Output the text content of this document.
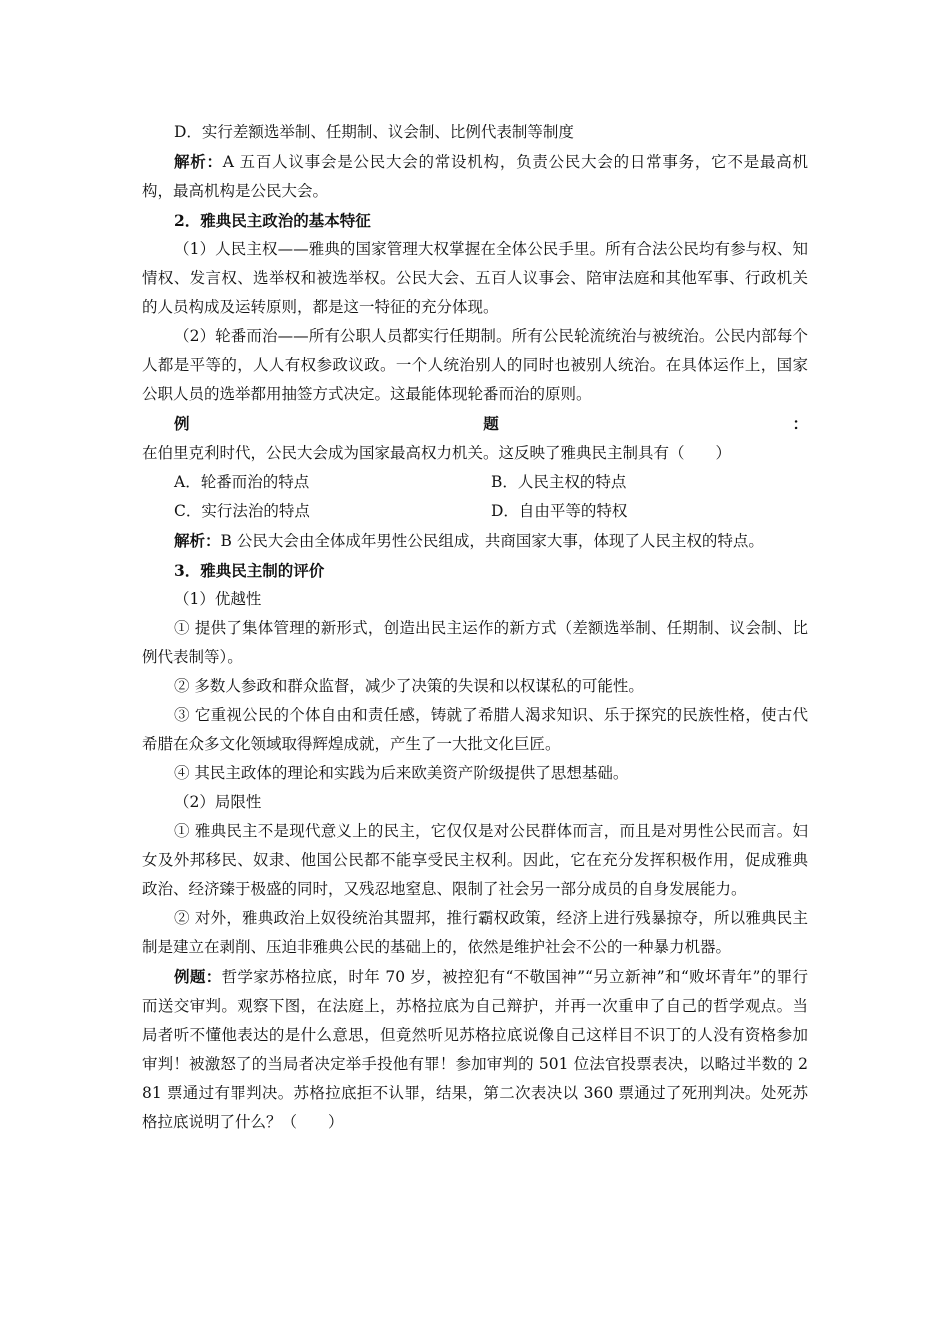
D．实行差额选举制、任期制、议会制、比例代表制等制度

解析：A 五百人议事会是公民大会的常设机构，负责公民大会的日常事务，它不是最高机构，最高机构是公民大会。

2．雅典民主政治的基本特征

（1）人民主权——雅典的国家管理大权掌握在全体公民手里。所有合法公民均有参与权、知情权、发言权、选举权和被选举权。公民大会、五百人议事会、陪审法庭和其他军事、行政机关的人员构成及运转原则，都是这一特征的充分体现。

（2）轮番而治——所有公职人员都实行任期制。所有公民轮流统治与被统治。公民内部每个人都是平等的，人人有权参政议政。一个人统治别人的同时也被别人统治。在具体运作上，国家公职人员的选举都用抽签方式决定。这最能体现轮番而治的原则。

例题：在伯里克利时代，公民大会成为国家最高权力机关。这反映了雅典民主制具有（　　）

A．轮番而治的特点	B．人民主权的特点
C．实行法治的特点	D．自由平等的特权

解析：B 公民大会由全体成年男性公民组成，共商国家大事，体现了人民主权的特点。

3．雅典民主制的评价

（1）优越性

① 提供了集体管理的新形式，创造出民主运作的新方式（差额选举制、任期制、议会制、比例代表制等）。

② 多数人参政和群众监督，减少了决策的失误和以权谋私的可能性。

③ 它重视公民的个体自由和责任感，铸就了希腊人渴求知识、乐于探究的民族性格，使古代希腊在众多文化领域取得辉煌成就，产生了一大批文化巨匠。

④ 其民主政体的理论和实践为后来欧美资产阶级提供了思想基础。

（2）局限性

① 雅典民主不是现代意义上的民主，它仅仅是对公民群体而言，而且是对男性公民而言。妇女及外邦移民、奴隶、他国公民都不能享受民主权利。因此，它在充分发挥积极作用，促成雅典政治、经济臻于极盛的同时，又残忍地窒息、限制了社会另一部分成员的自身发展能力。

② 对外，雅典政治上奴役统治其盟邦，推行霸权政策，经济上进行残暴掠夺，所以雅典民主制是建立在剥削、压迫非雅典公民的基础上的，依然是维护社会不公的一种暴力机器。

例题：哲学家苏格拉底，时年 70 岁，被控犯有“不敬国神”“另立新神”和“败坏青年”的罪行而送交审判。观察下图，在法庭上，苏格拉底为自己辩护，并再一次重申了自己的哲学观点。当局者听不懂他表达的是什么意思，但竟然听见苏格拉底说像自己这样目不识丁的人没有资格参加审判！被激怒了的当局者决定举手投他有罪！参加审判的 501 位法官投票表决，以略过半数的 281 票通过有罪判决。苏格拉底拒不认罪，结果，第二次表决以 360 票通过了死刑判决。处死苏格拉底说明了什么？（　　）
